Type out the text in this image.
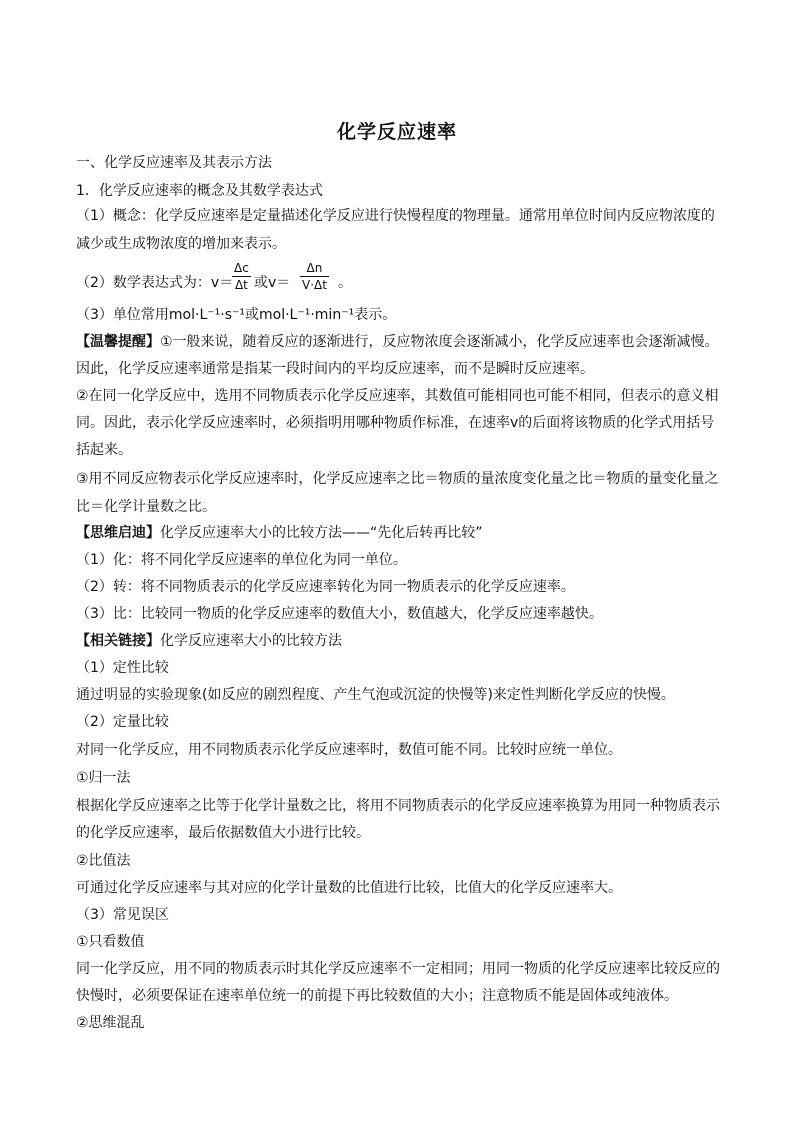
化学反应速率
一、化学反应速率及其表示方法
1．化学反应速率的概念及其数学表达式
（1）概念：化学反应速率是定量描述化学反应进行快慢程度的物理量。通常用单位时间内反应物浓度的
减少或生成物浓度的增加来表示。
（2）数学表达式为：v＝
$\frac{\Delta c}{\Delta t}$ 或$v= \frac{\Delta n}{V\cdot\Delta t}$ 。
（3）单位常用mol·L⁻¹·s⁻¹或mol·L⁻¹·min⁻¹表示。
【温馨提醒】①一般来说，随着反应的逐渐进行，反应物浓度会逐渐减小，化学反应速率也会逐渐减慢。
因此，化学反应速率通常是指某一段时间内的平均反应速率，而不是瞬时反应速率。
②在同一化学反应中，选用不同物质表示化学反应速率，其数值可能相同也可能不相同，但表示的意义相
同。因此，表示化学反应速率时，必须指明用哪种物质作标准，在速率v的后面将该物质的化学式用括号
括起来。
③用不同反应物表示化学反应速率时，化学反应速率之比＝物质的量浓度变化量之比＝物质的量变化量之
比＝化学计量数之比。
【思维启迪】化学反应速率大小的比较方法——“先化后转再比较”
（1）化：将不同化学反应速率的单位化为同一单位。
（2）转：将不同物质表示的化学反应速率转化为同一物质表示的化学反应速率。
（3）比：比较同一物质的化学反应速率的数值大小，数值越大，化学反应速率越快。
【相关链接】化学反应速率大小的比较方法
（1）定性比较
通过明显的实验现象(如反应的剧烈程度、产生气泡或沉淀的快慢等)来定性判断化学反应的快慢。
（2）定量比较
对同一化学反应，用不同物质表示化学反应速率时，数值可能不同。比较时应统一单位。
①归一法
根据化学反应速率之比等于化学计量数之比，将用不同物质表示的化学反应速率换算为用同一种物质表示
的化学反应速率，最后依据数值大小进行比较。
②比值法
可通过化学反应速率与其对应的化学计量数的比值进行比较，比值大的化学反应速率大。
（3）常见误区
①只看数值
同一化学反应，用不同的物质表示时其化学反应速率不一定相同；用同一物质的化学反应速率比较反应的
快慢时，必须要保证在速率单位统一的前提下再比较数值的大小；注意物质不能是固体或纯液体。
②思维混乱
